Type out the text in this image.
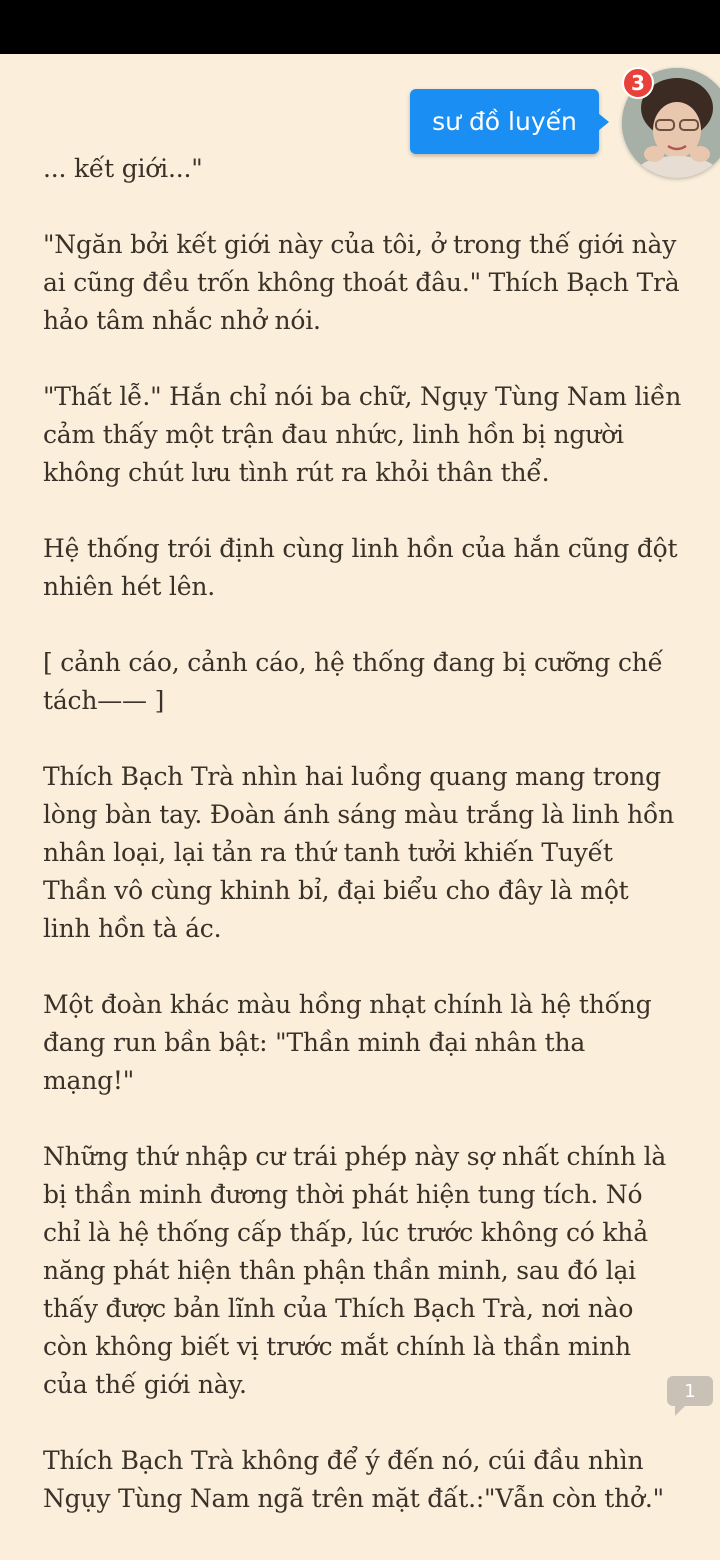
... kết giới..."

"Ngăn bởi kết giới này của tôi, ở trong thế giới này ai cũng đều trốn không thoát đâu." Thích Bạch Trà hảo tâm nhắc nhở nói.

"Thất lễ." Hắn chỉ nói ba chữ, Ngụy Tùng Nam liền cảm thấy một trận đau nhức, linh hồn bị người không chút lưu tình rút ra khỏi thân thể.

Hệ thống trói định cùng linh hồn của hắn cũng đột nhiên hét lên.

[ cảnh cáo, cảnh cáo, hệ thống đang bị cưỡng chế tách—— ]

Thích Bạch Trà nhìn hai luồng quang mang trong lòng bàn tay. Đoàn ánh sáng màu trắng là linh hồn nhân loại, lại tản ra thứ tanh tưởi khiến Tuyết Thần vô cùng khinh bỉ, đại biểu cho đây là một linh hồn tà ác.

Một đoàn khác màu hồng nhạt chính là hệ thống đang run bần bật: "Thần minh đại nhân tha mạng!"

Những thứ nhập cư trái phép này sợ nhất chính là bị thần minh đương thời phát hiện tung tích. Nó chỉ là hệ thống cấp thấp, lúc trước không có khả năng phát hiện thân phận thần minh, sau đó lại thấy được bản lĩnh của Thích Bạch Trà, nơi nào còn không biết vị trước mắt chính là thần minh của thế giới này.

Thích Bạch Trà không để ý đến nó, cúi đầu nhìn Ngụy Tùng Nam ngã trên mặt đất.:"Vẫn còn thở."

sư đồ luyến
3
1
